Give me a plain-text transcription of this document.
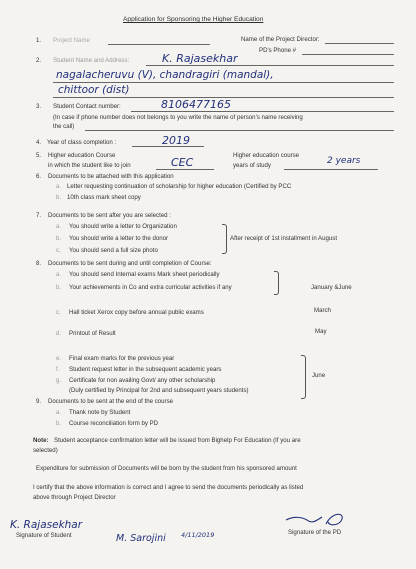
Application for Sponsoring the Higher Education
1. Project Name	Name of the Project Director:
PD's Phone #
2. Student Name and Address:	K. Rajasekhar
nagalacheruvu (V), chandragiri (mandal),
chittoor (dist)
3. Student Contact number:	8106477165
(In case if phone number does not belongs to you write the name of person's name receiving
the call)
4. Year of class completion :	2019
5. Higher education Course
in which the student like to join	CEC
Higher education course
years of study	2 years
6. Documents to be attached with this application
a. Letter requesting continuation of scholarship for higher education (Certified by PCC
b. 10th class mark sheet copy
7. Documents to be sent after you are selected :
a. You should write a letter to Organization
b. You should write a letter to the donor
c. You should send a full size photo
After receipt of 1st installment in August
8. Documents to be sent during and until completion of Course:
a. You should send Internal exams Mark sheet periodically
b. Your achievements in Co and extra curricular activities if any	January &June
c. Hall ticket Xerox copy before annual public exams	March
d. Printout of Result	May
e. Final exam marks for the previous year
f. Student request letter in the subsequent academic years
g. Certificate for non availing Govt/ any other scholarship
(Duly certified by Principal for 2nd and subsequent years students)
June
9. Documents to be sent at the end of the course
a. Thank note by Student
b. Course reconciliation form by PD
Note: Student acceptance confirmation letter will be issued from Bighelp For Education (If you are
selected)
Expenditure for submission of Documents will be born by the student from his sponsored amount
I certify that the above information is correct and I agree to send the documents periodically as listed
above through Project Director
K. Rajasekhar
Signature of Student	M. Sarojini 4/11/2019	Signature of the PD
